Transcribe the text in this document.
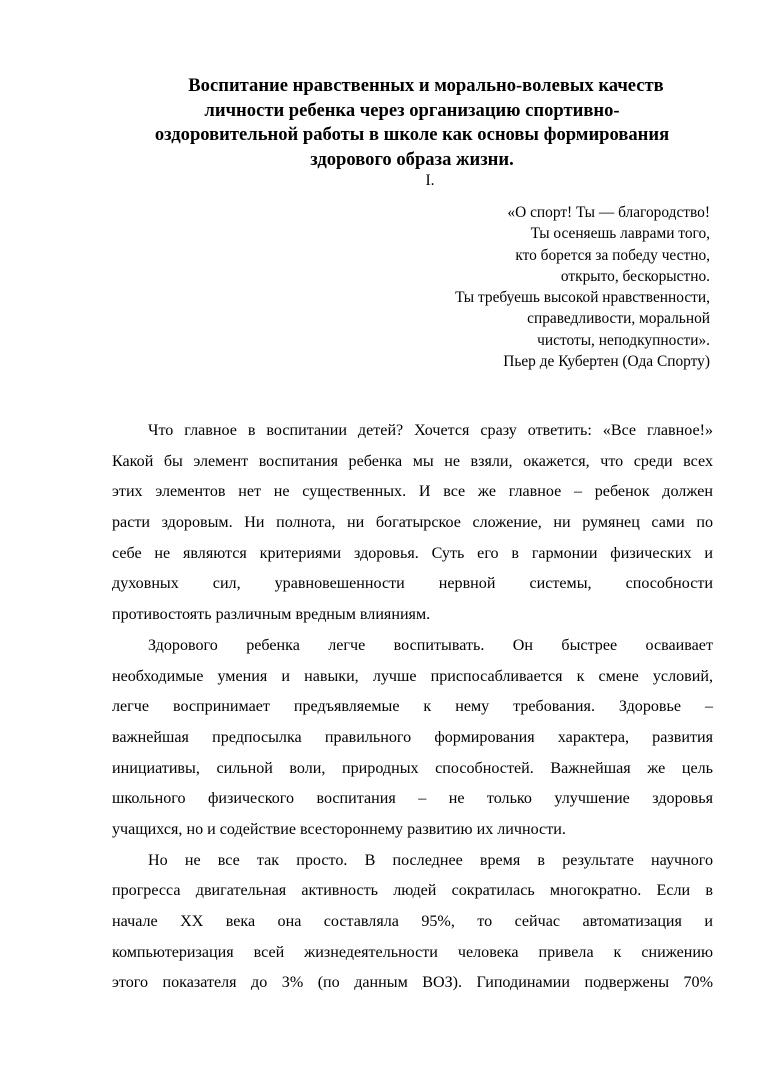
Воспитание нравственных и морально-волевых качеств
личности ребенка через организацию спортивно-
оздоровительной работы в школе как основы формирования
здорового образа жизни.
I.
«О спорт! Ты — благородство!
Ты осеняешь лаврами того,
кто борется за победу честно,
открыто, бескорыстно.
Ты требуешь высокой нравственности,
справедливости, моральной
чистоты, неподкупности».
Пьер де Кубертен (Ода Спорту)
Что главное в воспитании детей? Хочется сразу ответить: «Все главное!»
Какой бы элемент воспитания ребенка мы не взяли, окажется, что среди всех
этих элементов нет не существенных. И все же главное – ребенок должен
расти здоровым. Ни полнота, ни богатырское сложение, ни румянец сами по
себе не являются критериями здоровья. Суть его в гармонии физических и
духовных сил, уравновешенности нервной системы, способности
противостоять различным вредным влияниям.
Здорового ребенка легче воспитывать. Он быстрее осваивает
необходимые умения и навыки, лучше приспосабливается к смене условий,
легче воспринимает предъявляемые к нему требования. Здоровье –
важнейшая предпосылка правильного формирования характера, развития
инициативы, сильной воли, природных способностей. Важнейшая же цель
школьного физического воспитания – не только улучшение здоровья
учащихся, но и содействие всестороннему развитию их личности.
Но не все так просто. В последнее время в результате научного
прогресса двигательная активность людей сократилась многократно. Если в
начале XX века она составляла 95%, то сейчас автоматизация и
компьютеризация всей жизнедеятельности человека привела к снижению
этого показателя до 3% (по данным ВОЗ). Гиподинамии подвержены 70%
